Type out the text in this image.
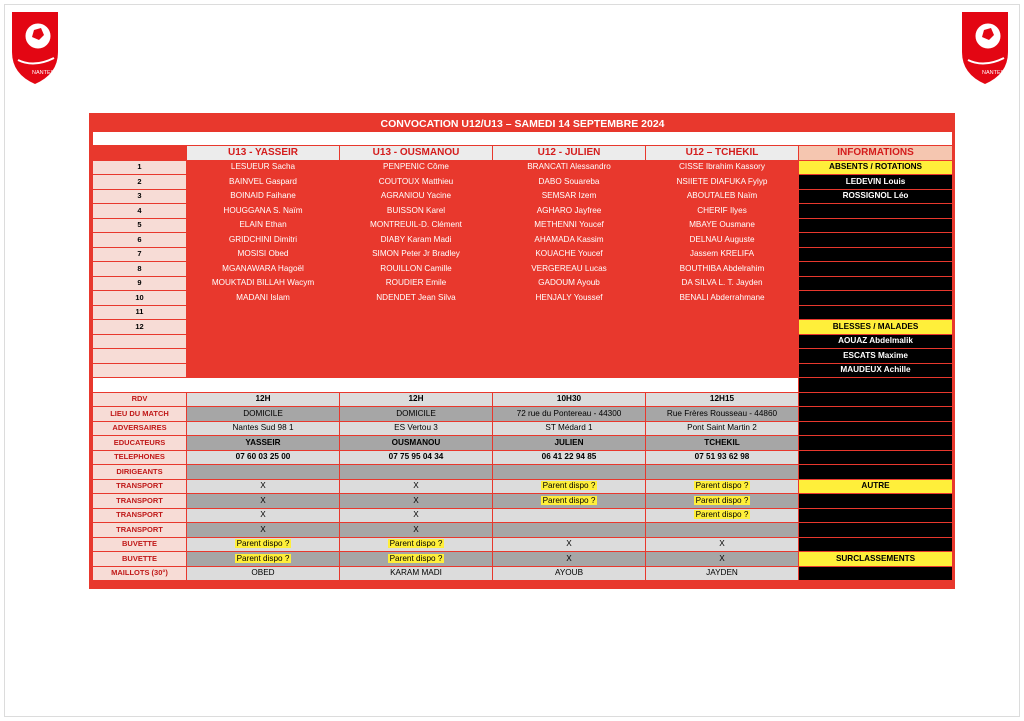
NANTES	NANTES
CONVOCATION U12/U13 – SAMEDI 14 SEPTEMBRE 2024					

	U13 - YASSEIR	U13 - OUSMANOU	U12 - JULIEN	U12 – TCHEKIL	INFORMATIONS
1	LESUEUR Sacha	PENPENIC Côme	BRANCATI Alessandro	CISSE Ibrahim Kassory	ABSENTS / ROTATIONS
2	BAINVEL Gaspard	COUTOUX Matthieu	DABO Souareba	NSIIETE DIAFUKA Fylyp	LEDEVIN Louis
3	BOINAID Faihane	AGRANIOU Yacine	SEMSAR Izem	ABOUTALEB Naïm	ROSSIGNOL Léo
4	HOUGGANA S. Naïm	BUISSON Karel	AGHARO Jayfree	CHERIF Ilyes	
5	ELAIN Ethan	MONTREUIL-D. Clément	METHENNI Youcef	MBAYE Ousmane	
6	GRIDCHINI Dimitri	DIABY Karam Madi	AHAMADA Kassim	DELNAU Auguste	
7	MOSISI Obed	SIMON Peter Jr Bradley	KOUACHE Youcef	Jassem KRELIFA	
8	MGANAWARA Hagoël	ROUILLON Camille	VERGEREAU Lucas	BOUTHIBA Abdelrahim	
9	MOUKTADI BILLAH Wacym	ROUDIER Emile	GADOUM Ayoub	DA SILVA L. T. Jayden	
10	MADANI Islam	NDENDET Jean Silva	HENJALY Youssef	BENALI Abderrahmane	
11					
12					BLESSES / MALADES
					AOUAZ Abdelmalik
					ESCATS Maxime
					MAUDEUX Achille

RDV	12H	12H	10H30	12H15	
LIEU DU MATCH	DOMICILE	DOMICILE	72 rue du Pontereau - 44300	Rue Frères Rousseau - 44860	
ADVERSAIRES	Nantes Sud 98 1	ES Vertou 3	ST Médard 1	Pont Saint Martin 2	
EDUCATEURS	YASSEIR	OUSMANOU	JULIEN	TCHEKIL	
TELEPHONES	07 60 03 25 00	07 75 95 04 34	06 41 22 94 85	07 51 93 62 98	
DIRIGEANTS					
TRANSPORT	X	X	Parent dispo ?	Parent dispo ?	AUTRE
TRANSPORT	X	X	Parent dispo ?	Parent dispo ?	
TRANSPORT	X	X		Parent dispo ?	
TRANSPORT	X	X			
BUVETTE	Parent dispo ?	Parent dispo ?	X	X	
BUVETTE	Parent dispo ?	Parent dispo ?	X	X	SURCLASSEMENTS
MAILLOTS (30°)	OBED	KARAM MADI	AYOUB	JAYDEN	
